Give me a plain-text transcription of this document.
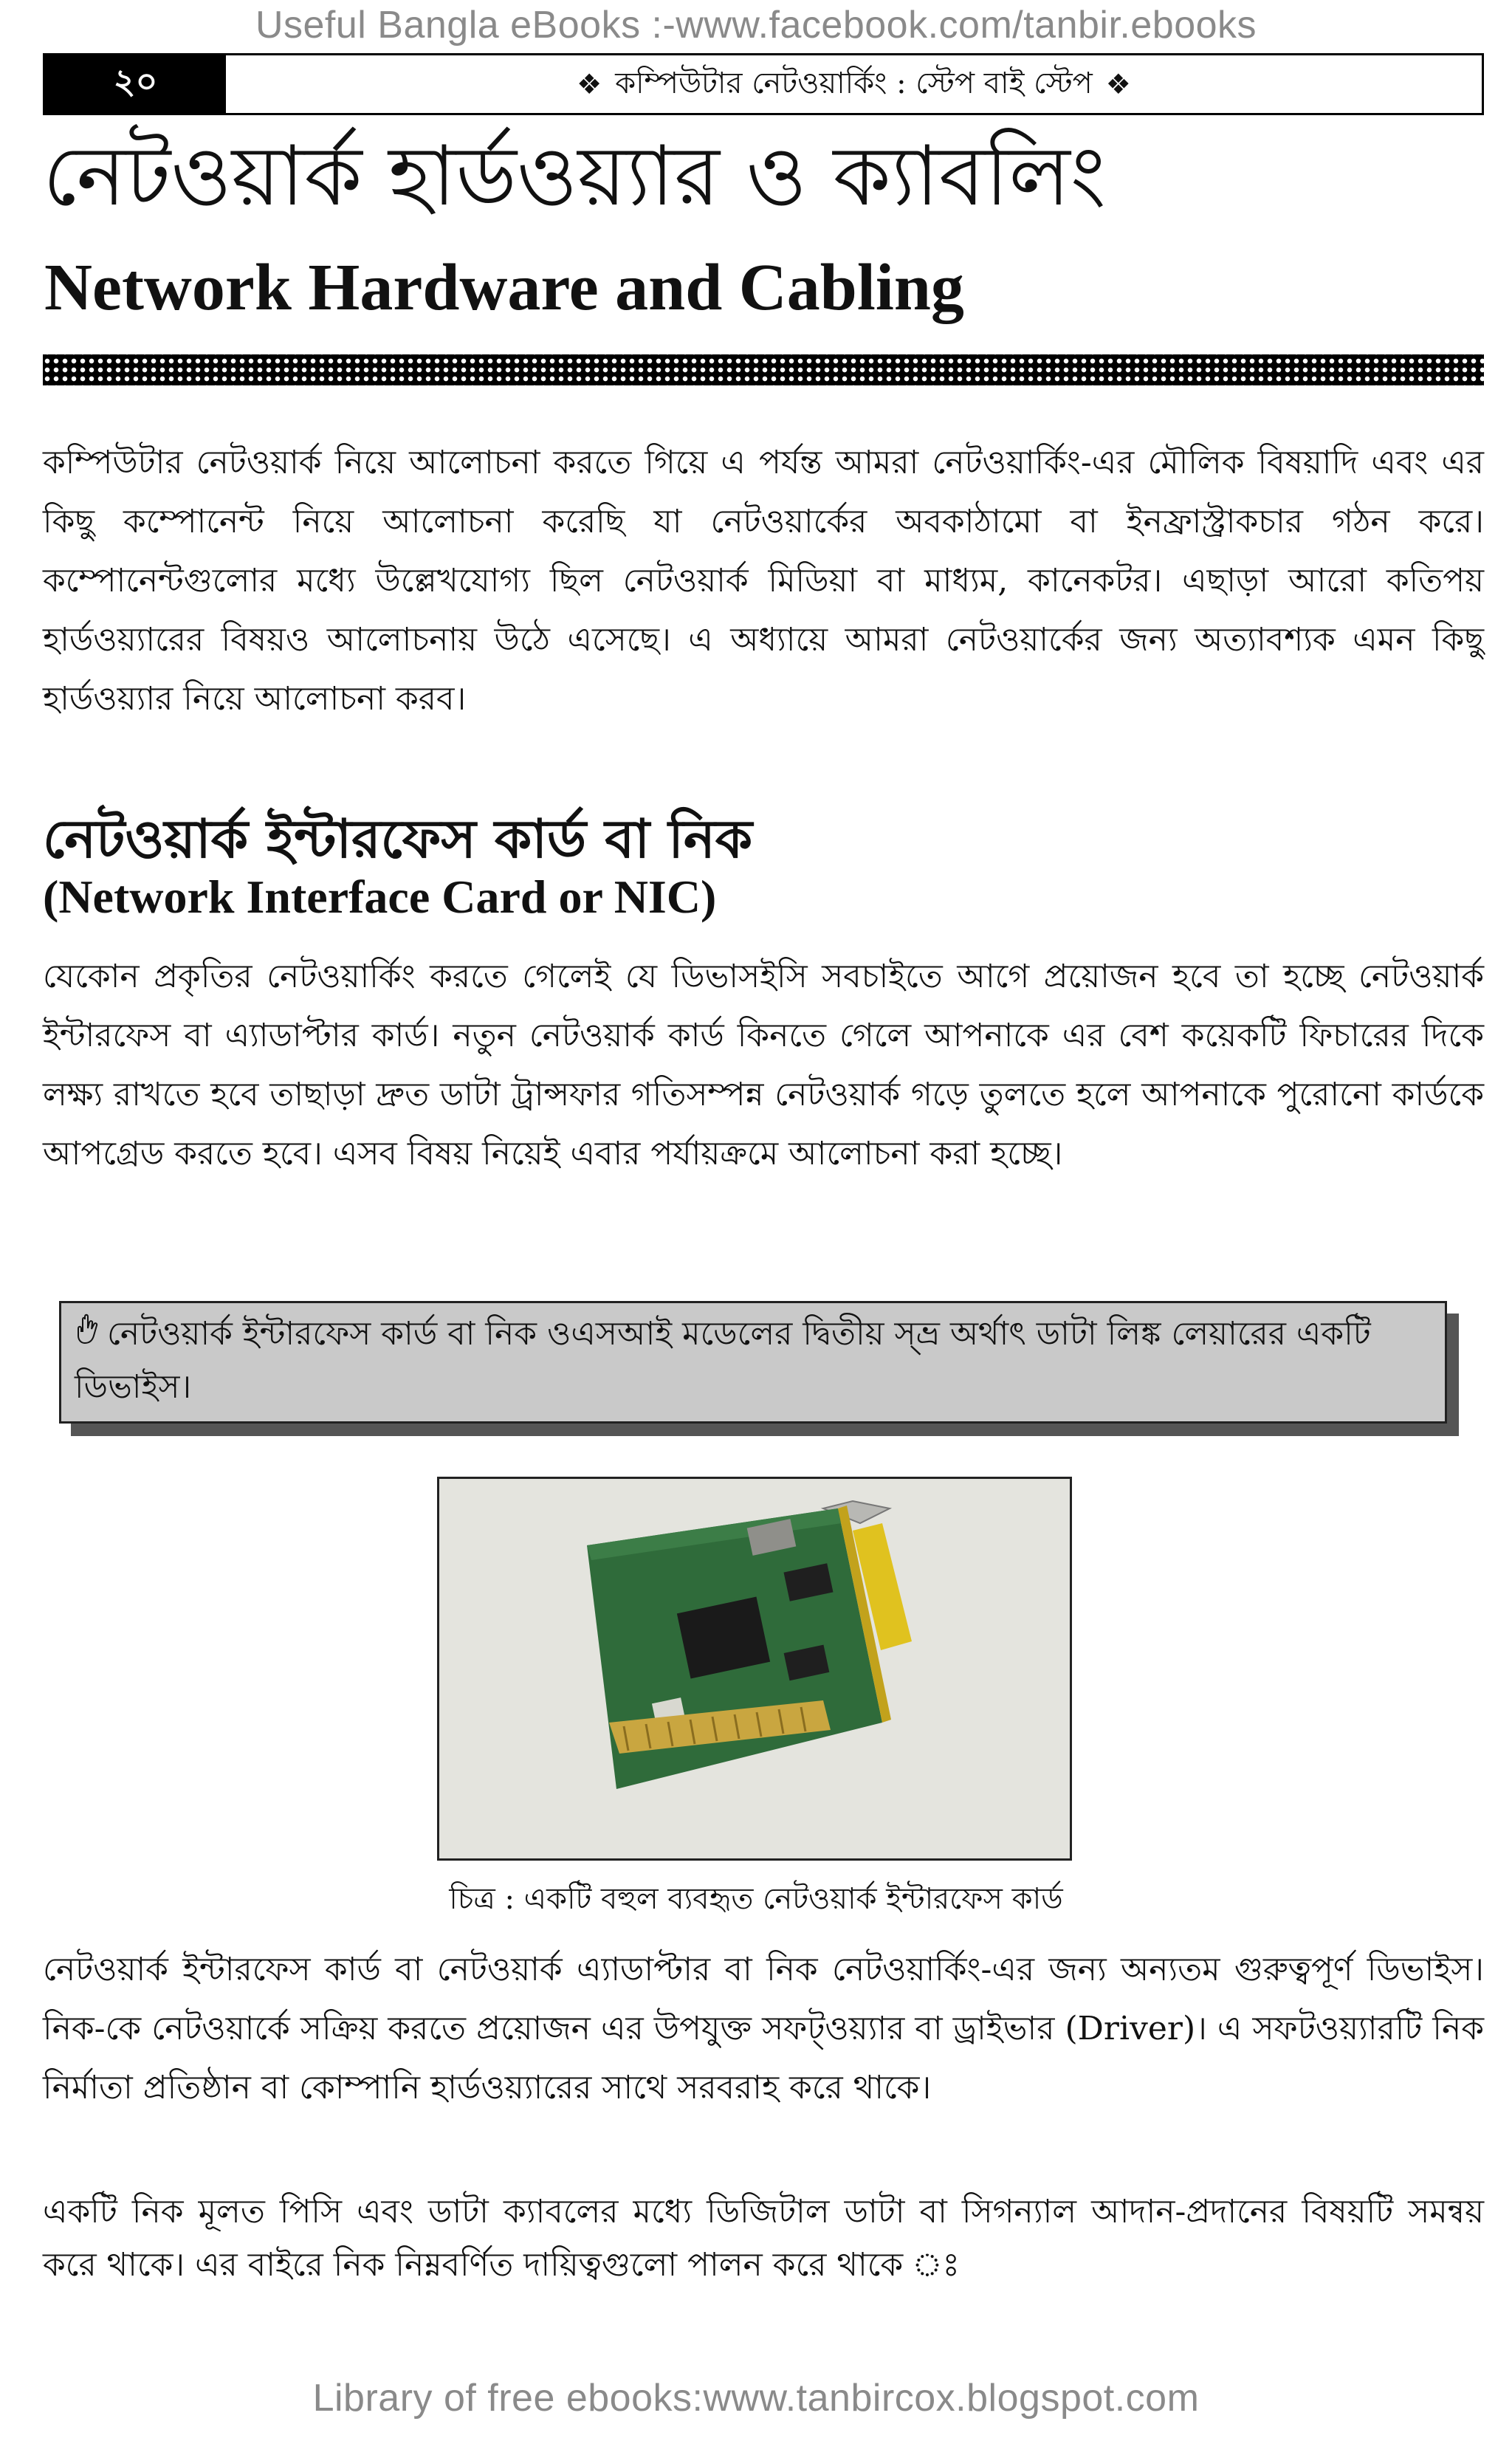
Useful Bangla eBooks :-www.facebook.com/tanbir.ebooks
২০	❖ কম্পিউটার নেটওয়ার্কিং : স্টেপ বাই স্টেপ ❖
নেটওয়ার্ক হার্ডওয়্যার ও ক্যাবলিং
Network Hardware and Cabling
কম্পিউটার নেটওয়ার্ক নিয়ে আলোচনা করতে গিয়ে এ পর্যন্ত আমরা নেটওয়ার্কিং-এর মৌলিক বিষয়াদি এবং এর কিছু কম্পোনেন্ট নিয়ে আলোচনা করেছি যা নেটওয়ার্কের অবকাঠামো বা ইনফ্রাস্ট্রাকচার গঠন করে। কম্পোনেন্টগুলোর মধ্যে উল্লেখযোগ্য ছিল নেটওয়ার্ক মিডিয়া বা মাধ্যম, কানেকটর। এছাড়া আরো কতিপয় হার্ডওয়্যারের বিষয়ও আলোচনায় উঠে এসেছে। এ অধ্যায়ে আমরা নেটওয়ার্কের জন্য অত্যাবশ্যক এমন কিছু হার্ডওয়্যার নিয়ে আলোচনা করব।
নেটওয়ার্ক ইন্টারফেস কার্ড বা নিক
(Network Interface Card or NIC)
যেকোন প্রকৃতির নেটওয়ার্কিং করতে গেলেই যে ডিভাসইসি সবচাইতে আগে প্রয়োজন হবে তা হচ্ছে নেটওয়ার্ক ইন্টারফেস বা এ্যাডাপ্টার কার্ড। নতুন নেটওয়ার্ক কার্ড কিনতে গেলে আপনাকে এর বেশ কয়েকটি ফিচারের দিকে লক্ষ্য রাখতে হবে তাছাড়া দ্রুত ডাটা ট্রান্সফার গতিসম্পন্ন নেটওয়ার্ক গড়ে তুলতে হলে আপনাকে পুরোনো কার্ডকে আপগ্রেড করতে হবে। এসব বিষয় নিয়েই এবার পর্যায়ক্রমে আলোচনা করা হচ্ছে।
নেটওয়ার্ক ইন্টারফেস কার্ড বা নিক ওএসআই মডেলের দ্বিতীয় স্ভ্র অর্থাৎ ডাটা লিঙ্ক লেয়ারের একটি ডিভাইস।
চিত্র : একটি বহুল ব্যবহৃত নেটওয়ার্ক ইন্টারফেস কার্ড
নেটওয়ার্ক ইন্টারফেস কার্ড বা নেটওয়ার্ক এ্যাডাপ্টার বা নিক নেটওয়ার্কিং-এর জন্য অন্যতম গুরুত্বপূর্ণ ডিভাইস। নিক-কে নেটওয়ার্কে সক্রিয় করতে প্রয়োজন এর উপযুক্ত সফট্ওয়্যার বা ড্রাইভার (Driver)। এ সফটওয়্যারটি নিক নির্মাতা প্রতিষ্ঠান বা কোম্পানি হার্ডওয়্যারের সাথে সরবরাহ করে থাকে।
একটি নিক মূলত পিসি এবং ডাটা ক্যাবলের মধ্যে ডিজিটাল ডাটা বা সিগন্যাল আদান-প্রদানের বিষয়টি সমন্বয় করে থাকে। এর বাইরে নিক নিম্নবর্ণিত দায়িত্বগুলো পালন করে থাকে ঃ
Library of free ebooks:www.tanbircox.blogspot.com
